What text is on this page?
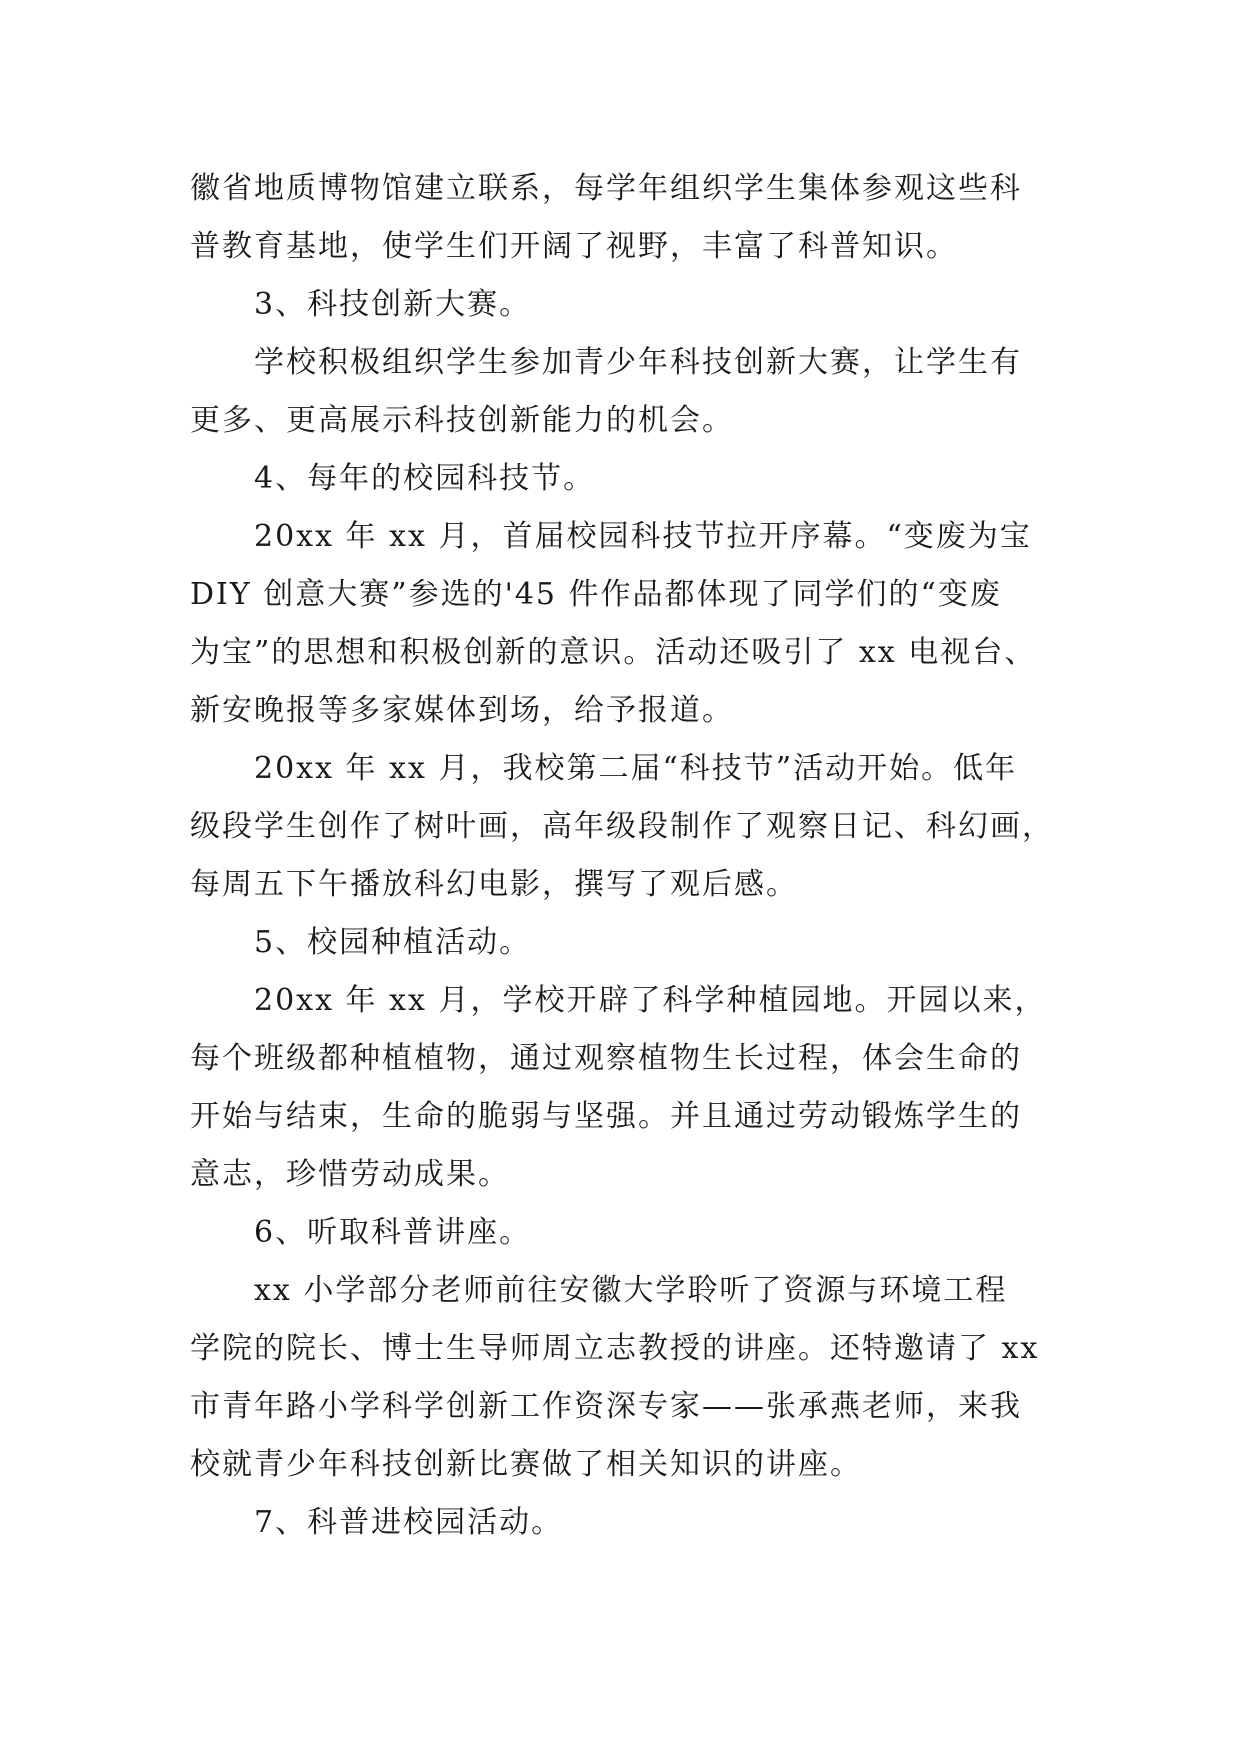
徽省地质博物馆建立联系，每学年组织学生集体参观这些科
普教育基地，使学生们开阔了视野，丰富了科普知识。
3、科技创新大赛。
学校积极组织学生参加青少年科技创新大赛，让学生有
更多、更高展示科技创新能力的机会。
4、每年的校园科技节。
20xx 年 xx 月，首届校园科技节拉开序幕。“变废为宝
DIY 创意大赛”参选的'45 件作品都体现了同学们的“变废
为宝”的思想和积极创新的意识。活动还吸引了 xx 电视台、
新安晚报等多家媒体到场，给予报道。
20xx 年 xx 月，我校第二届“科技节”活动开始。低年
级段学生创作了树叶画，高年级段制作了观察日记、科幻画，
每周五下午播放科幻电影，撰写了观后感。
5、校园种植活动。
20xx 年 xx 月，学校开辟了科学种植园地。开园以来，
每个班级都种植植物，通过观察植物生长过程，体会生命的
开始与结束，生命的脆弱与坚强。并且通过劳动锻炼学生的
意志，珍惜劳动成果。
6、听取科普讲座。
xx 小学部分老师前往安徽大学聆听了资源与环境工程
学院的院长、博士生导师周立志教授的讲座。还特邀请了 xx
市青年路小学科学创新工作资深专家——张承燕老师，来我
校就青少年科技创新比赛做了相关知识的讲座。
7、科普进校园活动。
